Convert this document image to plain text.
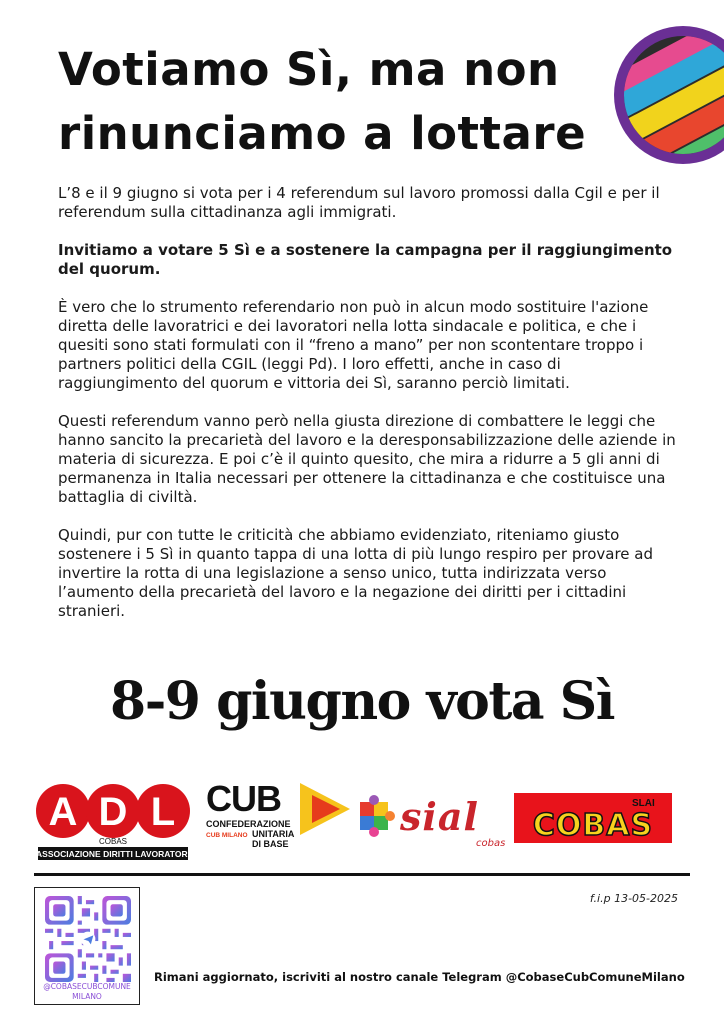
Votiamo Sì, ma non
rinunciamo a lottare

L’8 e il 9 giugno si vota per i 4 referendum sul lavoro promossi dalla Cgil e per il referendum sulla cittadinanza agli immigrati.

Invitiamo a votare 5 Sì e a sostenere la campagna per il raggiungimento del quorum.

È vero che lo strumento referendario non può in alcun modo sostituire l'azione diretta delle lavoratrici e dei lavoratori nella lotta sindacale e politica, e che i quesiti sono stati formulati con il “freno a mano” per non scontentare troppo i partners politici della CGIL (leggi Pd). I loro effetti, anche in caso di raggiungimento del quorum e vittoria dei Sì, saranno perciò limitati.

Questi referendum vanno però nella giusta direzione di combattere le leggi che hanno sancito la precarietà del lavoro e la deresponsabilizzazione delle aziende in materia di sicurezza. E poi c’è il quinto quesito, che mira a ridurre a 5 gli anni di permanenza in Italia necessari per ottenere la cittadinanza e che costituisce una battaglia di civiltà.

Quindi, pur con tutte le criticità che abbiamo evidenziato, riteniamo giusto sostenere i 5 Sì in quanto tappa di una lotta di più lungo respiro per provare ad invertire la rotta di una legislazione a senso unico, tutta indirizzata verso l’aumento della precarietà del lavoro e la negazione dei diritti per i cittadini stranieri.

8-9 giugno vota Sì
A D L
COBAS
ASSOCIAZIONE DIRITTI LAVORATORI
CUB
CONFEDERAZIONE
CUB MILANO UNITARIA
DI BASE
sial
cobas
SLAI
COBAS
f.i.p 13-05-2025
@COBASECUBCOMUNE MILANO
Rimani aggiornato, iscriviti al nostro canale Telegram @CobaseCubComuneMilano
